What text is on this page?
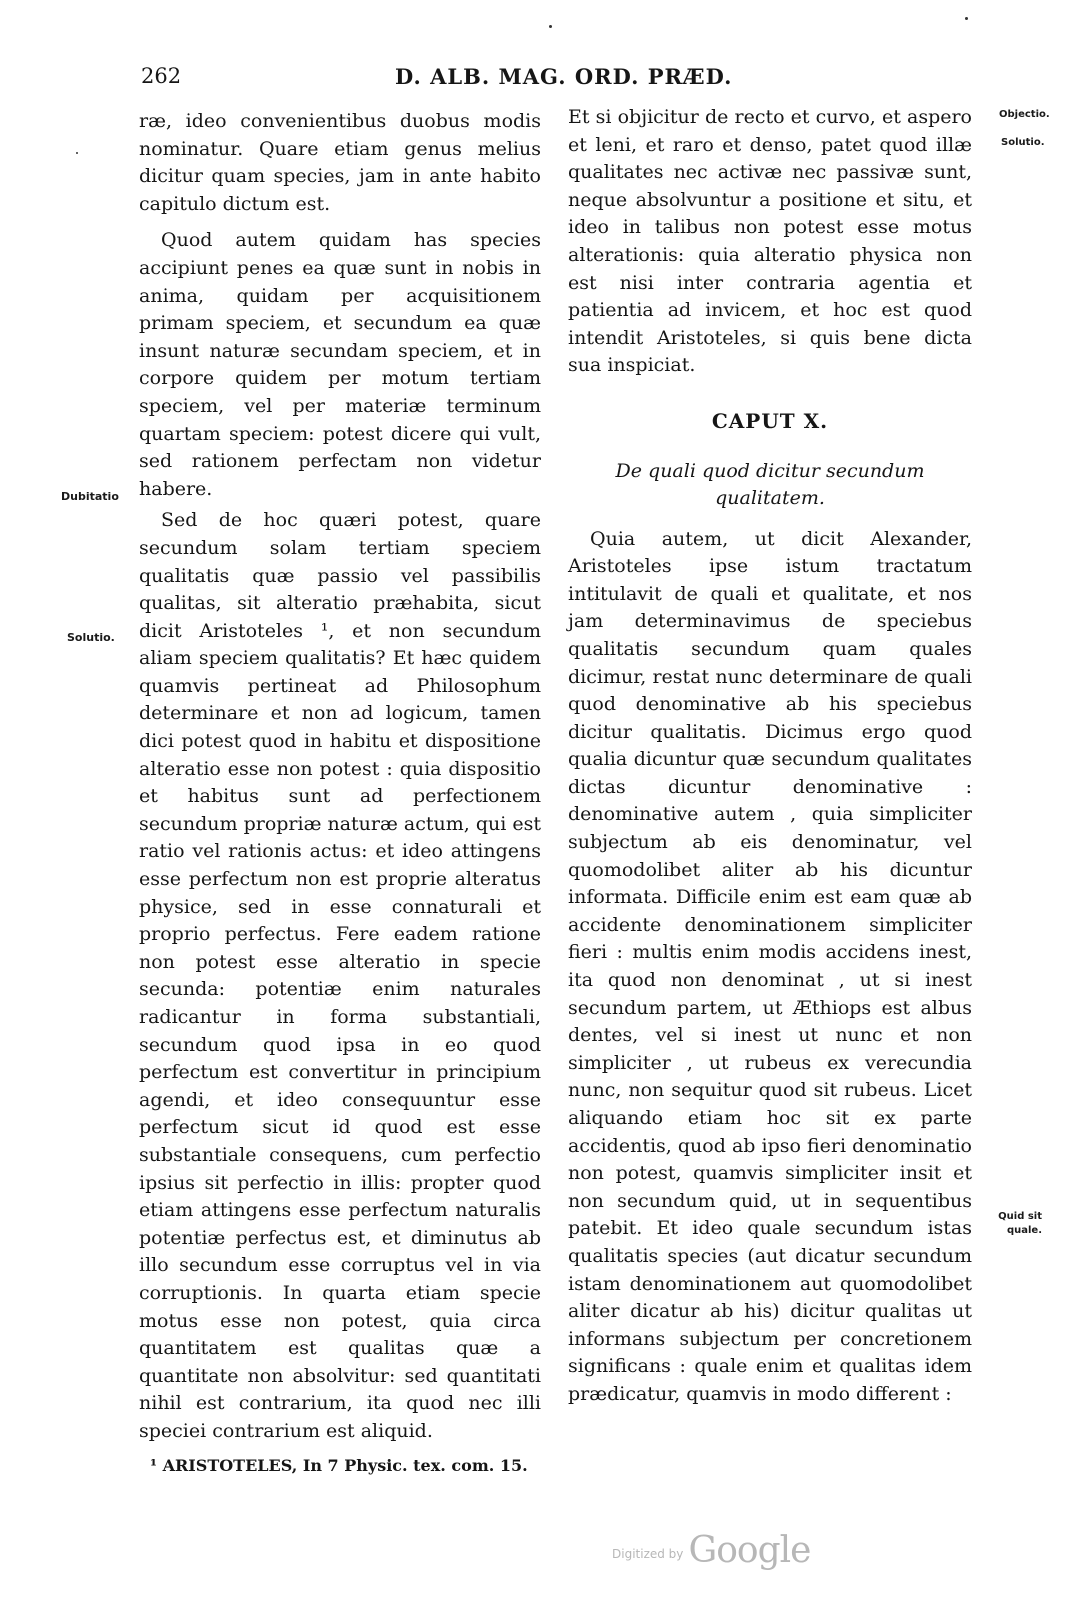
262	D. ALB. MAG. ORD. PRÆD.

ræ, ideo convenientibus duobus modis nominatur. Quare etiam genus melius dicitur quam species, jam in ante habito capitulo dictum est.

Quod autem quidam has species accipiunt penes ea quæ sunt in nobis in anima, quidam per acquisitionem primam speciem, et secundum ea quæ insunt naturæ secundam speciem, et in corpore quidem per motum tertiam speciem, vel per materiæ terminum quartam speciem: potest dicere qui vult, sed rationem perfectam non videtur habere.

Sed de hoc quæri potest, quare secundum solam tertiam speciem qualitatis quæ passio vel passibilis qualitas, sit alteratio præhabita, sicut dicit Aristoteles ¹, et non secundum aliam speciem qualitatis? Et hæc quidem quamvis pertineat ad Philosophum determinare et non ad logicum, tamen dici potest quod in habitu et dispositione alteratio esse non potest : quia dispositio et habitus sunt ad perfectionem secundum propriæ naturæ actum, qui est ratio vel rationis actus: et ideo attingens esse perfectum non est proprie alteratus physice, sed in esse connaturali et proprio perfectus. Fere eadem ratione non potest esse alteratio in specie secunda: potentiæ enim naturales radicantur in forma substantiali, secundum quod ipsa in eo quod perfectum est convertitur in principium agendi, et ideo consequuntur esse perfectum sicut id quod est esse substantiale consequens, cum perfectio ipsius sit perfectio in illis: propter quod etiam attingens esse perfectum naturalis potentiæ perfectus est, et diminutus ab illo secundum esse corruptus vel in via corruptionis. In quarta etiam specie motus esse non potest, quia circa quantitatem est qualitas quæ a quantitate non absolvitur: sed quantitati nihil est contrarium, ita quod nec illi speciei contrarium est aliquid.

Dubitatio
Solutio.
Objectio.
Solutio.
Quid sit quale.

Et si objicitur de recto et curvo, et aspero et leni, et raro et denso, patet quod illæ qualitates nec activæ nec passivæ sunt, neque absolvuntur a positione et situ, et ideo in talibus non potest esse motus alterationis: quia alteratio physica non est nisi inter contraria agentia et patientia ad invicem, et hoc est quod intendit Aristoteles, si quis bene dicta sua inspiciat.

CAPUT X.
De quali quod dicitur secundum qualitatem.

Quia autem, ut dicit Alexander, Aristoteles ipse istum tractatum intitulavit de quali et qualitate, et nos jam determinavimus de speciebus qualitatis secundum quam quales dicimur, restat nunc determinare de quali quod denominative ab his speciebus dicitur qualitatis. Dicimus ergo quod qualia dicuntur quæ secundum qualitates dictas dicuntur denominative : denominative autem , quia simpliciter subjectum ab eis denominatur, vel quomodolibet aliter ab his dicuntur informata. Difficile enim est eam quæ ab accidente denominationem simpliciter fieri : multis enim modis accidens inest, ita quod non denominat , ut si inest secundum partem, ut Æthiops est albus dentes, vel si inest ut nunc et non simpliciter , ut rubeus ex verecundia nunc, non sequitur quod sit rubeus. Licet aliquando etiam hoc sit ex parte accidentis, quod ab ipso fieri denominatio non potest, quamvis simpliciter insit et non secundum quid, ut in sequentibus patebit. Et ideo quale secundum istas qualitatis species (aut dicatur secundum istam denominationem aut quomodolibet aliter dicatur ab his) dicitur qualitas ut informans subjectum per concretionem significans : quale enim et qualitas idem prædicatur, quamvis in modo different :

¹ ARISTOTELES, In 7 Physic. tex. com. 15.
$^{Digitized by}$ Google
